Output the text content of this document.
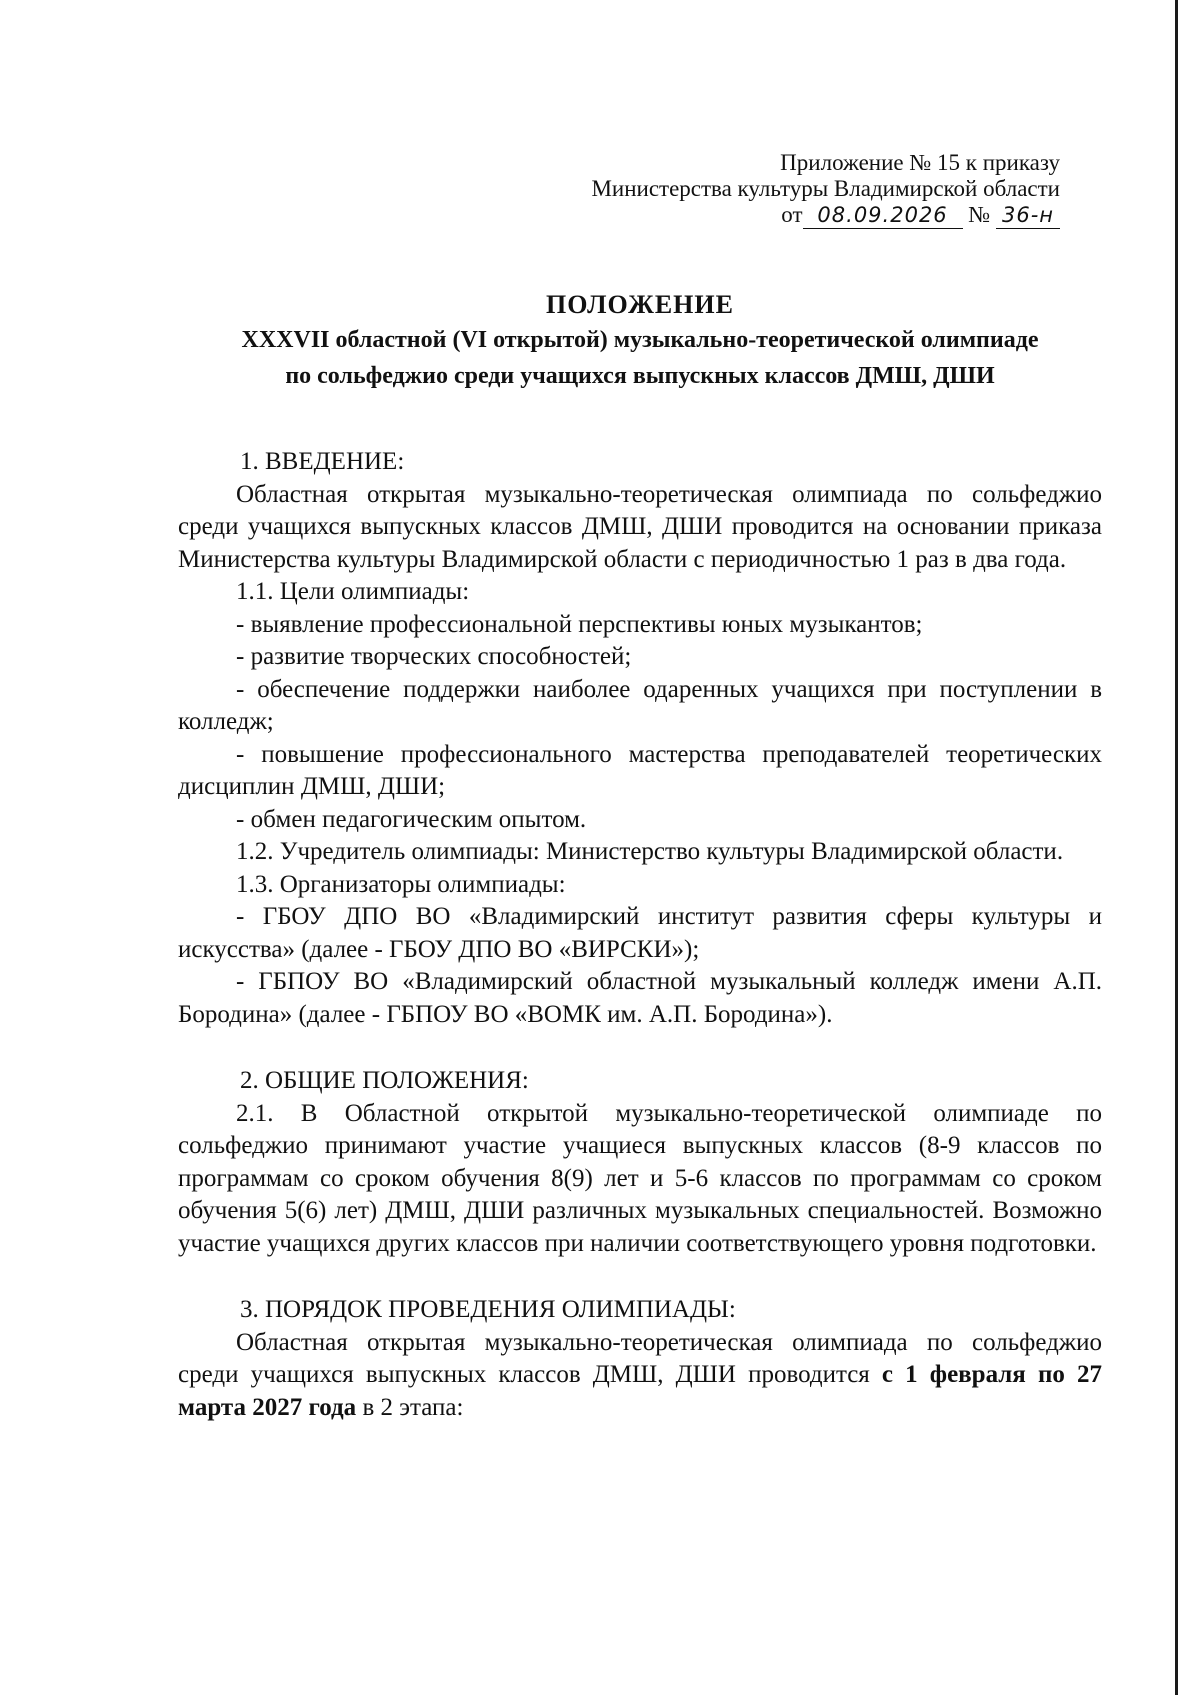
Приложение № 15 к приказу
Министерства культуры Владимирской области
от 08.09.2026 № 36-н
ПОЛОЖЕНИЕ
XXXVII областной (VI открытой) музыкально-теоретической олимпиаде
по сольфеджио среди учащихся выпускных классов ДМШ, ДШИ

1. ВВЕДЕНИЕ:

Областная открытая музыкально-теоретическая олимпиада по сольфеджио среди учащихся выпускных классов ДМШ, ДШИ проводится на основании приказа Министерства культуры Владимирской области с периодичностью 1 раз в два года.

1.1. Цели олимпиады:

- выявление профессиональной перспективы юных музыкантов;

- развитие творческих способностей;

- обеспечение поддержки наиболее одаренных учащихся при поступлении в колледж;

- повышение профессионального мастерства преподавателей теоретических дисциплин ДМШ, ДШИ;

- обмен педагогическим опытом.

1.2. Учредитель олимпиады: Министерство культуры Владимирской области.

1.3. Организаторы олимпиады:

- ГБОУ ДПО ВО «Владимирский институт развития сферы культуры и искусства» (далее - ГБОУ ДПО ВО «ВИРСКИ»);

- ГБПОУ ВО «Владимирский областной музыкальный колледж имени А.П. Бородина» (далее - ГБПОУ ВО «ВОМК им. А.П. Бородина»).

2. ОБЩИЕ ПОЛОЖЕНИЯ:

2.1. В Областной открытой музыкально-теоретической олимпиаде по сольфеджио принимают участие учащиеся выпускных классов (8-9 классов по программам со сроком обучения 8(9) лет и 5-6 классов по программам со сроком обучения 5(6) лет) ДМШ, ДШИ различных музыкальных специальностей. Возможно участие учащихся других классов при наличии соответствующего уровня подготовки.

3. ПОРЯДОК ПРОВЕДЕНИЯ ОЛИМПИАДЫ:

Областная открытая музыкально-теоретическая олимпиада по сольфеджио среди учащихся выпускных классов ДМШ, ДШИ проводится с 1 февраля по 27 марта 2027 года в 2 этапа:
